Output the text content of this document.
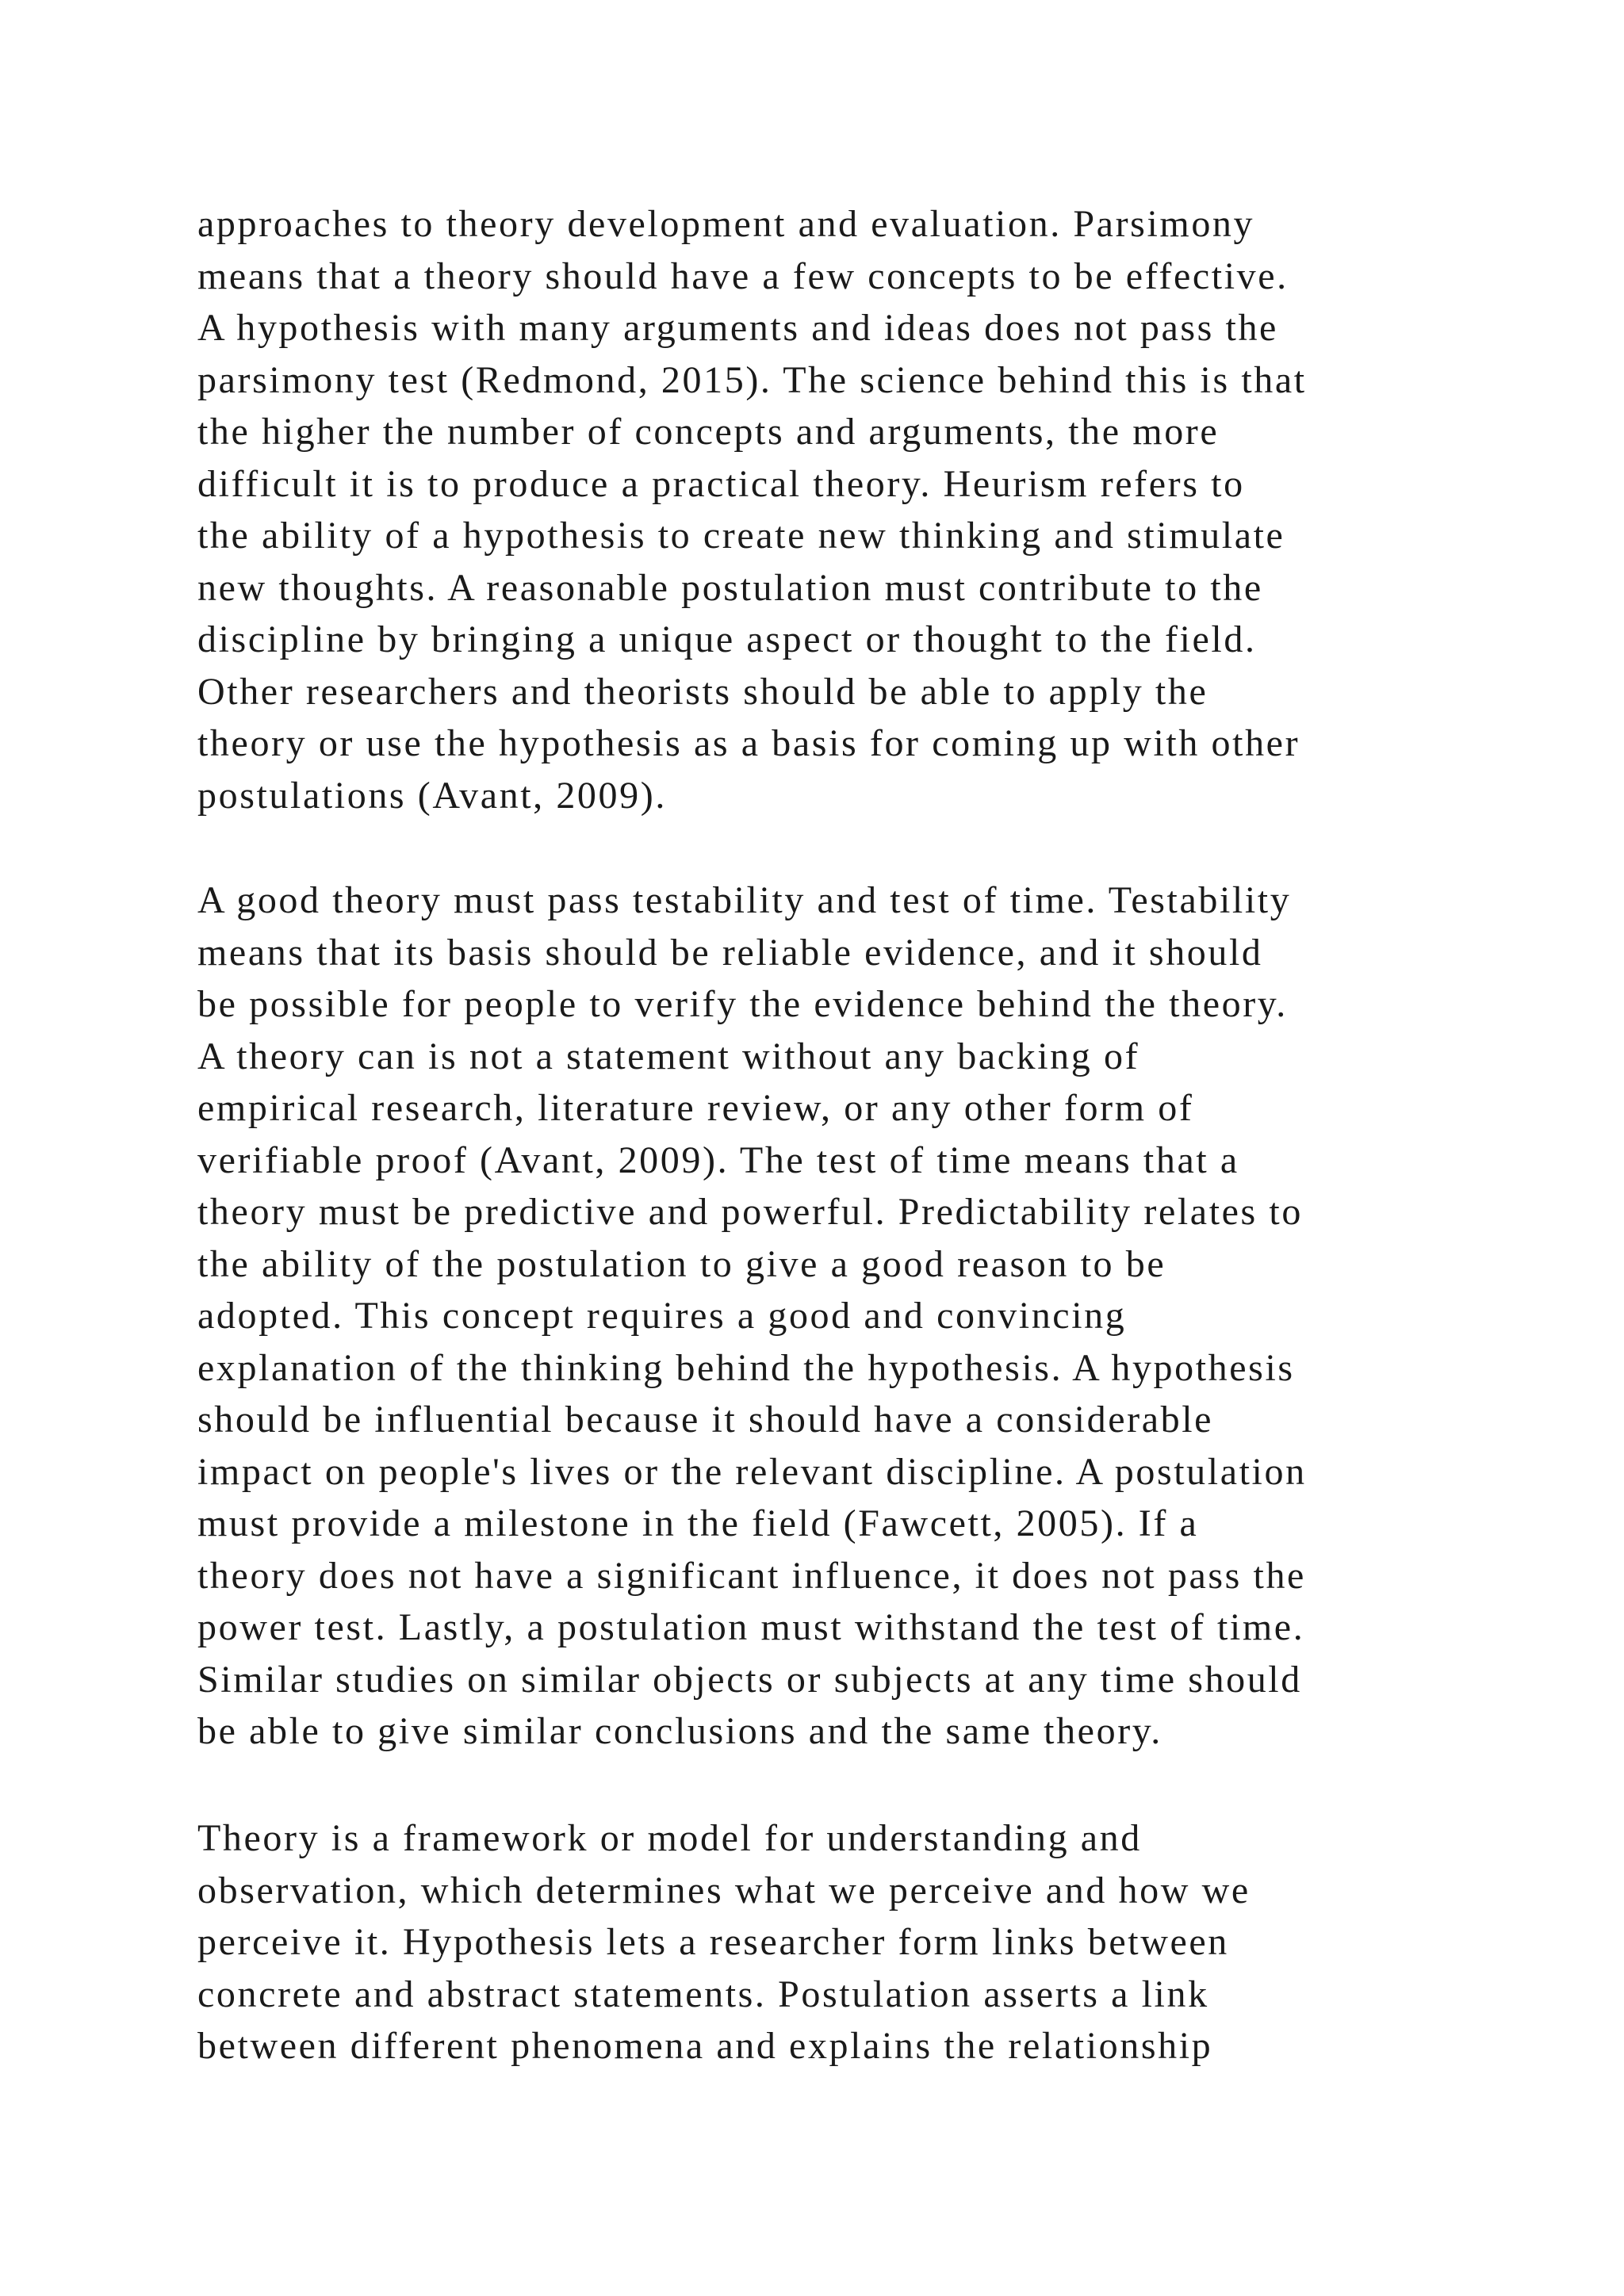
approaches to theory development and evaluation. Parsimony
means that a theory should have a few concepts to be effective.
A hypothesis with many arguments and ideas does not pass the
parsimony test (Redmond, 2015). The science behind this is that
the higher the number of concepts and arguments, the more
difficult it is to produce a practical theory. Heurism refers to
the ability of a hypothesis to create new thinking and stimulate
new thoughts. A reasonable postulation must contribute to the
discipline by bringing a unique aspect or thought to the field.
Other researchers and theorists should be able to apply the
theory or use the hypothesis as a basis for coming up with other
postulations (Avant, 2009).
A good theory must pass testability and test of time. Testability
means that its basis should be reliable evidence, and it should
be possible for people to verify the evidence behind the theory.
A theory can is not a statement without any backing of
empirical research, literature review, or any other form of
verifiable proof (Avant, 2009). The test of time means that a
theory must be predictive and powerful. Predictability relates to
the ability of the postulation to give a good reason to be
adopted. This concept requires a good and convincing
explanation of the thinking behind the hypothesis. A hypothesis
should be influential because it should have a considerable
impact on people's lives or the relevant discipline. A postulation
must provide a milestone in the field (Fawcett, 2005). If a
theory does not have a significant influence, it does not pass the
power test. Lastly, a postulation must withstand the test of time.
Similar studies on similar objects or subjects at any time should
be able to give similar conclusions and the same theory.
Theory is a framework or model for understanding and
observation, which determines what we perceive and how we
perceive it. Hypothesis lets a researcher form links between
concrete and abstract statements. Postulation asserts a link
between different phenomena and explains the relationship
